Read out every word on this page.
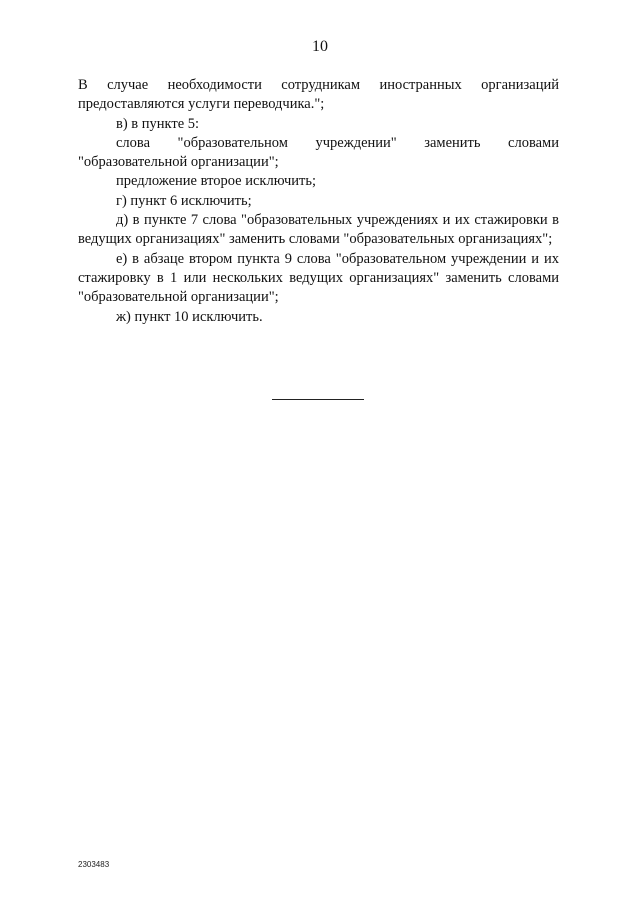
10

В случае необходимости сотрудникам иностранных организаций предоставляются услуги переводчика.";

в) в пункте 5:

слова "образовательном учреждении" заменить словами "образовательной организации";

предложение второе исключить;

г) пункт 6 исключить;

д) в пункте 7 слова "образовательных учреждениях и их стажировки в ведущих организациях" заменить словами "образовательных организациях";

е) в абзаце втором пункта 9 слова "образовательном учреждении и их стажировку в 1 или нескольких ведущих организациях" заменить словами "образовательной организации";

ж) пункт 10 исключить.

2303483
